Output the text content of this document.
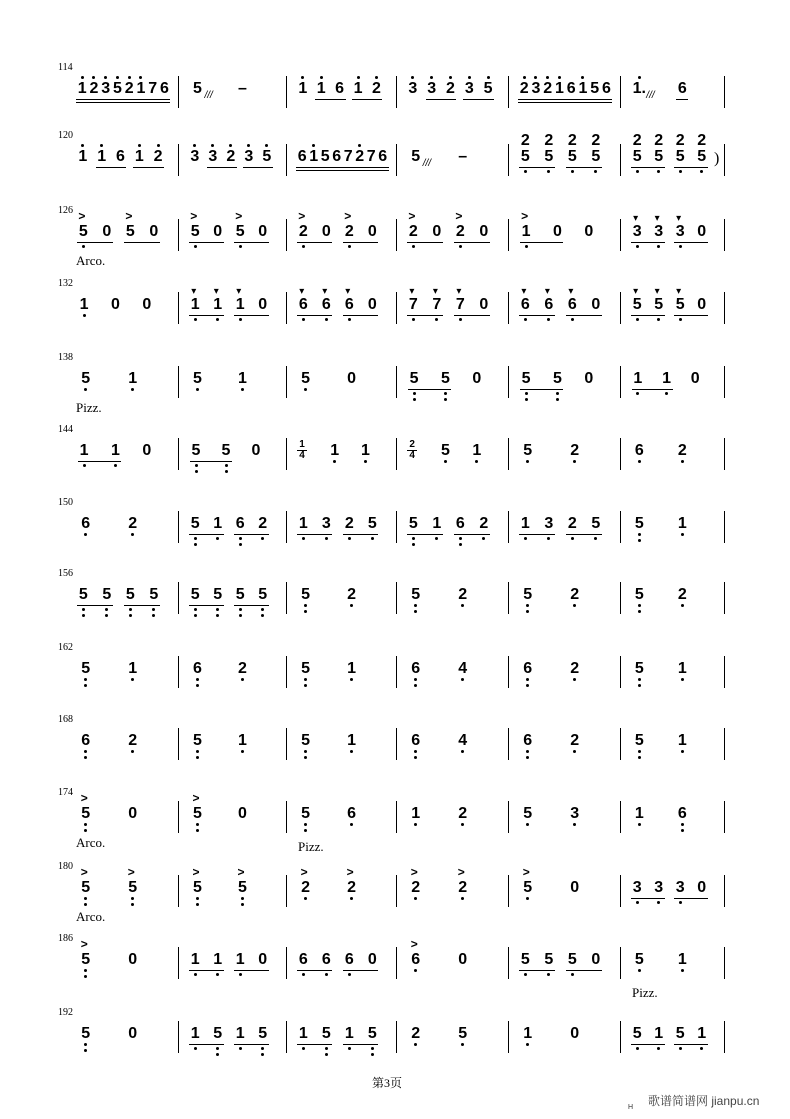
114
1 2 3 5 2 1 7 6 5 /// –	1 1 6 1 2 3 3 2 3 5 2 3 2 1 6 1 5 6 1. /// 6
120
)
1 1 6 1 2 3 3 2 3 5 6 1 5 6 7 2 7 6 5 /// –	5
2
5
2
5
2
5
2
5
2
5
2
5
2
5
2
126
Arco.
5
>
0 5
>
0 5
>
0 5
>
0 2
>
0 2
>
0 2
>
0 2
>
0 1
>
0 0 3
▾
3
▾
3
▾
0
132
1 0 0 1
▾
1
▾
1
▾
0 6
▾
6
▾
6
▾
0 7
▾
7
▾
7
▾
0 6
▾
6
▾
6
▾
0 5
▾
5
▾
5
▾
0
138
Pizz.
5 1	5 1	5 0	5 5 0	5 5 0	1 1 0
144
1 1 0	5 5 0	$\frac{1}{4} 1$ 1	$\frac{2}{4} 5$ 1	5 2	6 2
150
6 2	5 1 6 2 1 3 2 5 5 1 6 2 1 3 2 5 5 1
156
5 5 5 5 5 5 5 5 5 2	5 2	5 2	5 2
162
5 1	6 2	5 1	6 4	6 2	5 1
168
6 2	5 1	5 1	6 4	6 2	5 1
174
Arco.	Pizz.
5
>
0	5
>
0	5 6	1 2	5 3	1 6
180
Arco.
5
>
5
>
5
>
5
>
2
>
2
>
2
>
2
>
5
>
0	3 3 3 0
186
Pizz.
5
>
0	1 1 1 0 6 6 6 0 6
>
0	5 5 5 0 5 1
192
5 0	1 5 1 5 1 5 1 5 2 5	1 0	5 1 5 1
第3页
歌谱简谱网 jianpu.cn
H
